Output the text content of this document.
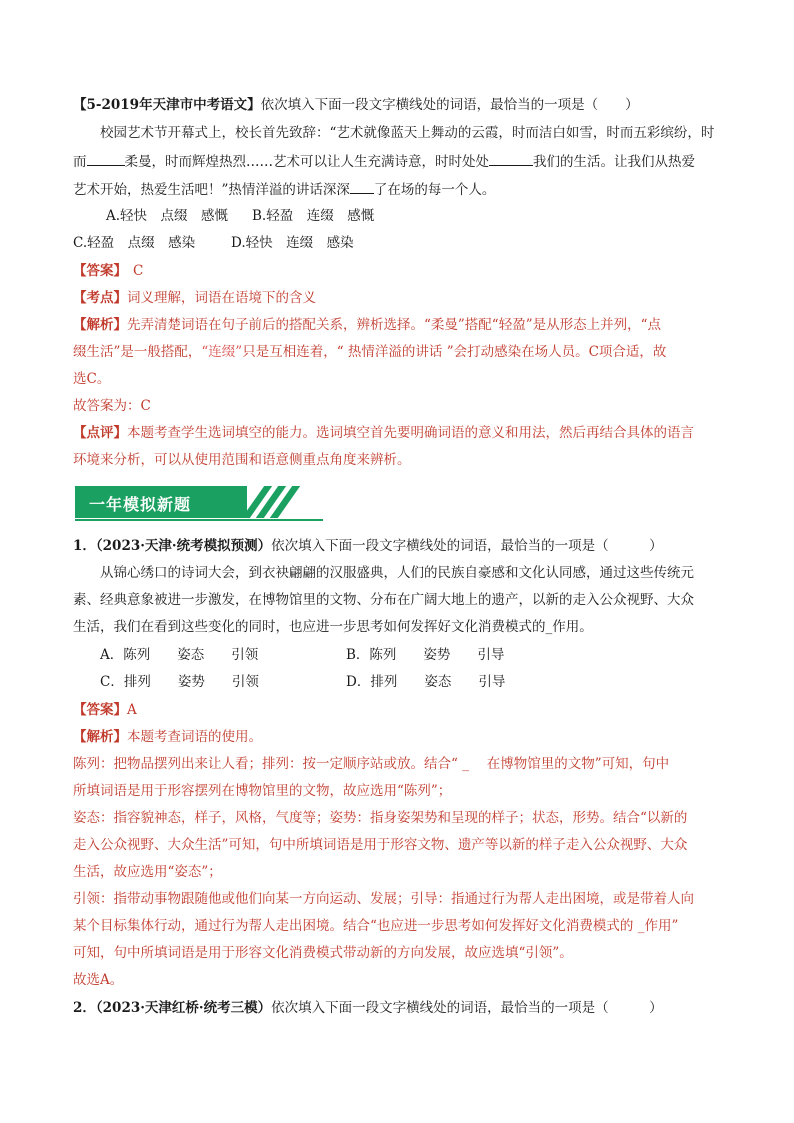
【5-2019年天津市中考语文】依次填入下面一段文字横线处的词语，最恰当的一项是（　　）
校园艺术节开幕式上，校长首先致辞：“艺术就像蓝天上舞动的云霞，时而洁白如雪，时而五彩缤纷，时
而	柔曼，时而辉煌热烈……艺术可以让人生充满诗意，时时处处	我们的生活。让我们从热爱
艺术开始，热爱生活吧！”热情洋溢的讲话深深 了在场的每一个人。
A.轻快　点缀　感慨 B.轻盈　连缀　感慨
C.轻盈　点缀　感染	D.轻快　连缀　感染
【答案】 C
【考点】词义理解，词语在语境下的含义
【解析】先弄清楚词语在句子前后的搭配关系，辨析选择。“柔曼”搭配“轻盈”是从形态上并列，“点
缀生活”是一般搭配，“连缀”只是互相连着，“ 热情洋溢的讲话 ”会打动感染在场人员。C项合适，故
选C。
故答案为：C
【点评】本题考查学生选词填空的能力。选词填空首先要明确词语的意义和用法，然后再结合具体的语言
环境来分析，可以从使用范围和语意侧重点角度来辨析。
一年模拟新题
1．（2023·天津·统考模拟预测）依次填入下面一段文字横线处的词语，最恰当的一项是（　　　）
从锦心绣口的诗词大会，到衣袂翩翩的汉服盛典，人们的民族自豪感和文化认同感，通过这些传统元
素、经典意象被进一步激发，在博物馆里的文物、分布在广阔大地上的遗产，以新的走入公众视野、大众
生活，我们在看到这些变化的同时，也应进一步思考如何发挥好文化消费模式的_作用。
A．陈列　　姿态　　引领	B．陈列　　姿势　　引导
C．排列　　姿势　　引领	D．排列　　姿态　　引导
【答案】A
【解析】本题考查词语的使用。
陈列：把物品摆列出来让人看；排列：按一定顺序站或放。结合“ _ 　在博物馆里的文物”可知，句中
所填词语是用于形容摆列在博物馆里的文物，故应选用“陈列”；
姿态：指容貌神态，样子，风格，气度等；姿势：指身姿架势和呈现的样子；状态，形势。结合“以新的
走入公众视野、大众生活”可知，句中所填词语是用于形容文物、遗产等以新的样子走入公众视野、大众
生活，故应选用“姿态”；
引领：指带动事物跟随他或他们向某一方向运动、发展；引导：指通过行为帮人走出困境，或是带着人向
某个目标集体行动，通过行为帮人走出困境。结合“也应进一步思考如何发挥好文化消费模式的 _作用”
可知，句中所填词语是用于形容文化消费模式带动新的方向发展，故应选填“引领”。
故选A。
2．（2023·天津红桥·统考三模）依次填入下面一段文字横线处的词语，最恰当的一项是（　　　）
